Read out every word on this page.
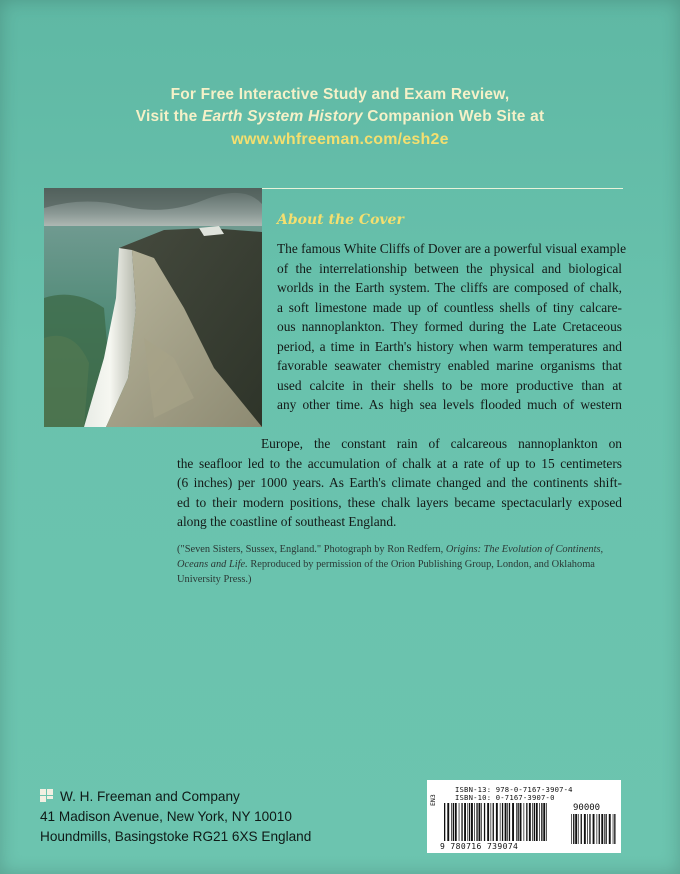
For Free Interactive Study and Exam Review,
Visit the Earth System History Companion Web Site at
www.whfreeman.com/esh2e
About the Cover
The famous White Cliffs of Dover are a powerful visual example
of the interrelationship between the physical and biological
worlds in the Earth system. The cliffs are composed of chalk,
a soft limestone made up of countless shells of tiny calcare-
ous nannoplankton. They formed during the Late Cretaceous
period, a time in Earth's history when warm temperatures and
favorable seawater chemistry enabled marine organisms that
used calcite in their shells to be more productive than at
any other time. As high sea levels flooded much of western
Europe, the constant rain of calcareous nannoplankton on
the seafloor led to the accumulation of chalk at a rate of up to 15 centimeters
(6 inches) per 1000 years. As Earth's climate changed and the continents shift-
ed to their modern positions, these chalk layers became spectacularly exposed
along the coastline of southeast England.
("Seven Sisters, Sussex, England." Photograph by Ron Redfern, Origins: The Evolution of Continents, Oceans and Life. Reproduced by permission of the Orion Publishing Group, London, and Oklahoma University Press.)
W. H. Freeman and Company
41 Madison Avenue, New York, NY 10010
Houndmills, Basingstoke RG21 6XS England
ISBN-13: 978-0-7167-3907-4
ISBN-10: 0-7167-3907-0
90000
9 780716 739074
EN3
